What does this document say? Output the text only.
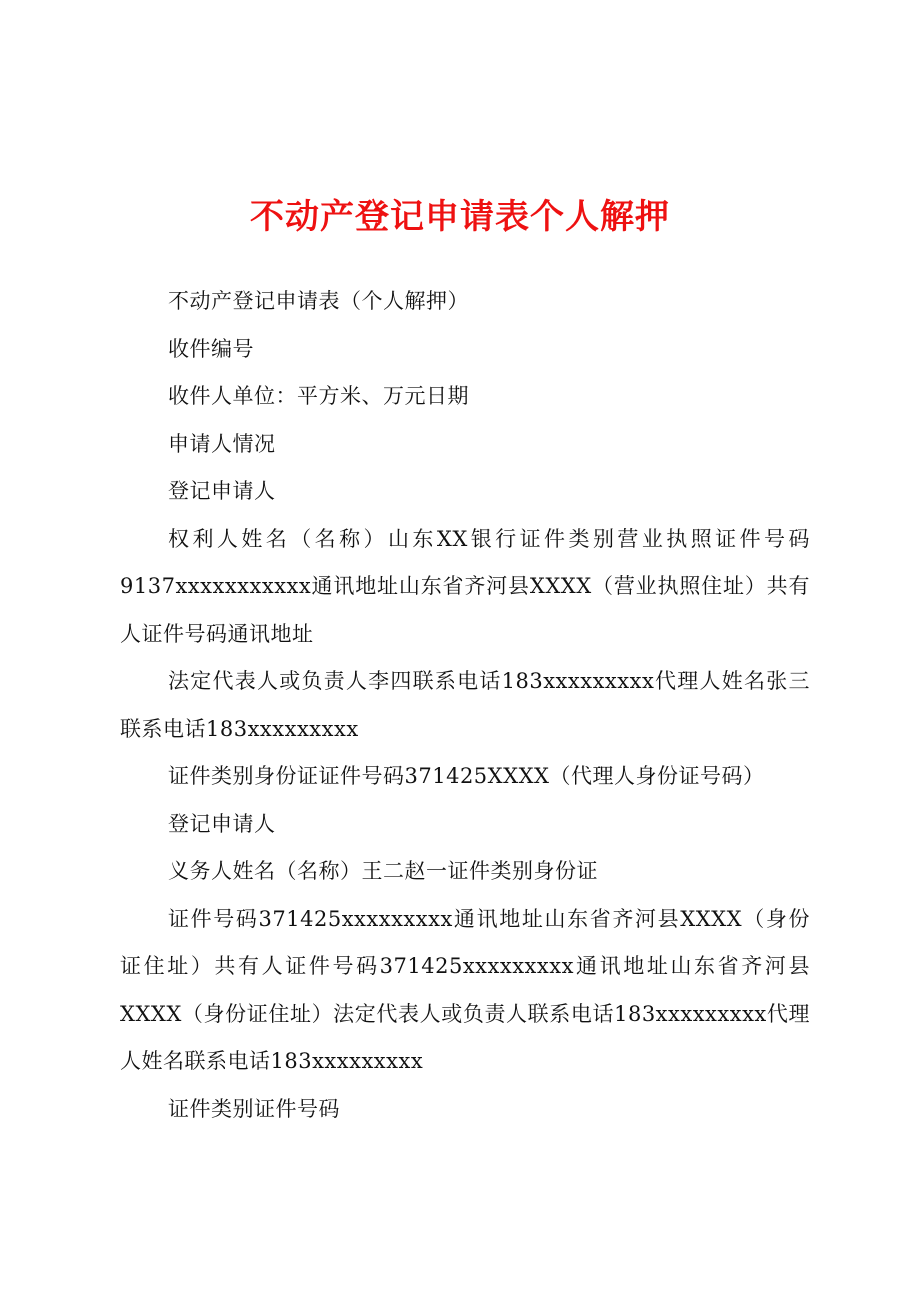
不动产登记申请表个人解押

不动产登记申请表（个人解押）

收件编号

收件人单位：平方米、万元日期

申请人情况

登记申请人

权利人姓名（名称）山东XX银行证件类别营业执照证件号码9137xxxxxxxxxxx通讯地址山东省齐河县XXXX（营业执照住址）共有人证件号码通讯地址

法定代表人或负责人李四联系电话183xxxxxxxxx代理人姓名张三联系电话183xxxxxxxxx

证件类别身份证证件号码371425XXXX（代理人身份证号码）

登记申请人

义务人姓名（名称）王二赵一证件类别身份证

证件号码371425xxxxxxxxx通讯地址山东省齐河县XXXX（身份证住址）共有人证件号码371425xxxxxxxxx通讯地址山东省齐河县XXXX（身份证住址）法定代表人或负责人联系电话183xxxxxxxxx代理人姓名联系电话183xxxxxxxxx

证件类别证件号码
